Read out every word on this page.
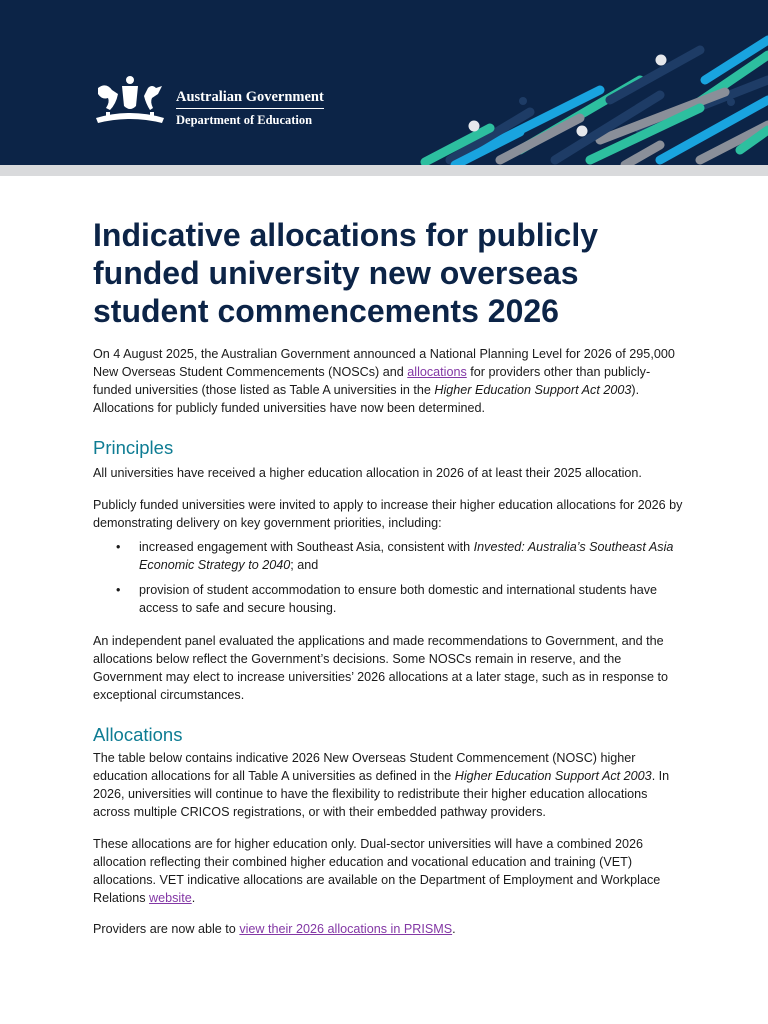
Australian Government
Department of Education
Indicative allocations for publicly funded university new overseas student commencements 2026

On 4 August 2025, the Australian Government announced a National Planning Level for 2026 of 295,000 New Overseas Student Commencements (NOSCs) and allocations for providers other than publicly-funded universities (those listed as Table A universities in the Higher Education Support Act 2003). Allocations for publicly funded universities have now been determined.

Principles

All universities have received a higher education allocation in 2026 of at least their 2025 allocation.

Publicly funded universities were invited to apply to increase their higher education allocations for 2026 by demonstrating delivery on key government priorities, including:

• increased engagement with Southeast Asia, consistent with Invested: Australia’s Southeast Asia Economic Strategy to 2040; and
• provision of student accommodation to ensure both domestic and international students have access to safe and secure housing.

An independent panel evaluated the applications and made recommendations to Government, and the allocations below reflect the Government’s decisions. Some NOSCs remain in reserve, and the Government may elect to increase universities’ 2026 allocations at a later stage, such as in response to exceptional circumstances.

Allocations

The table below contains indicative 2026 New Overseas Student Commencement (NOSC) higher education allocations for all Table A universities as defined in the Higher Education Support Act 2003. In 2026, universities will continue to have the flexibility to redistribute their higher education allocations across multiple CRICOS registrations, or with their embedded pathway providers.

These allocations are for higher education only. Dual-sector universities will have a combined 2026 allocation reflecting their combined higher education and vocational education and training (VET) allocations. VET indicative allocations are available on the Department of Employment and Workplace Relations website.

Providers are now able to view their 2026 allocations in PRISMS.
